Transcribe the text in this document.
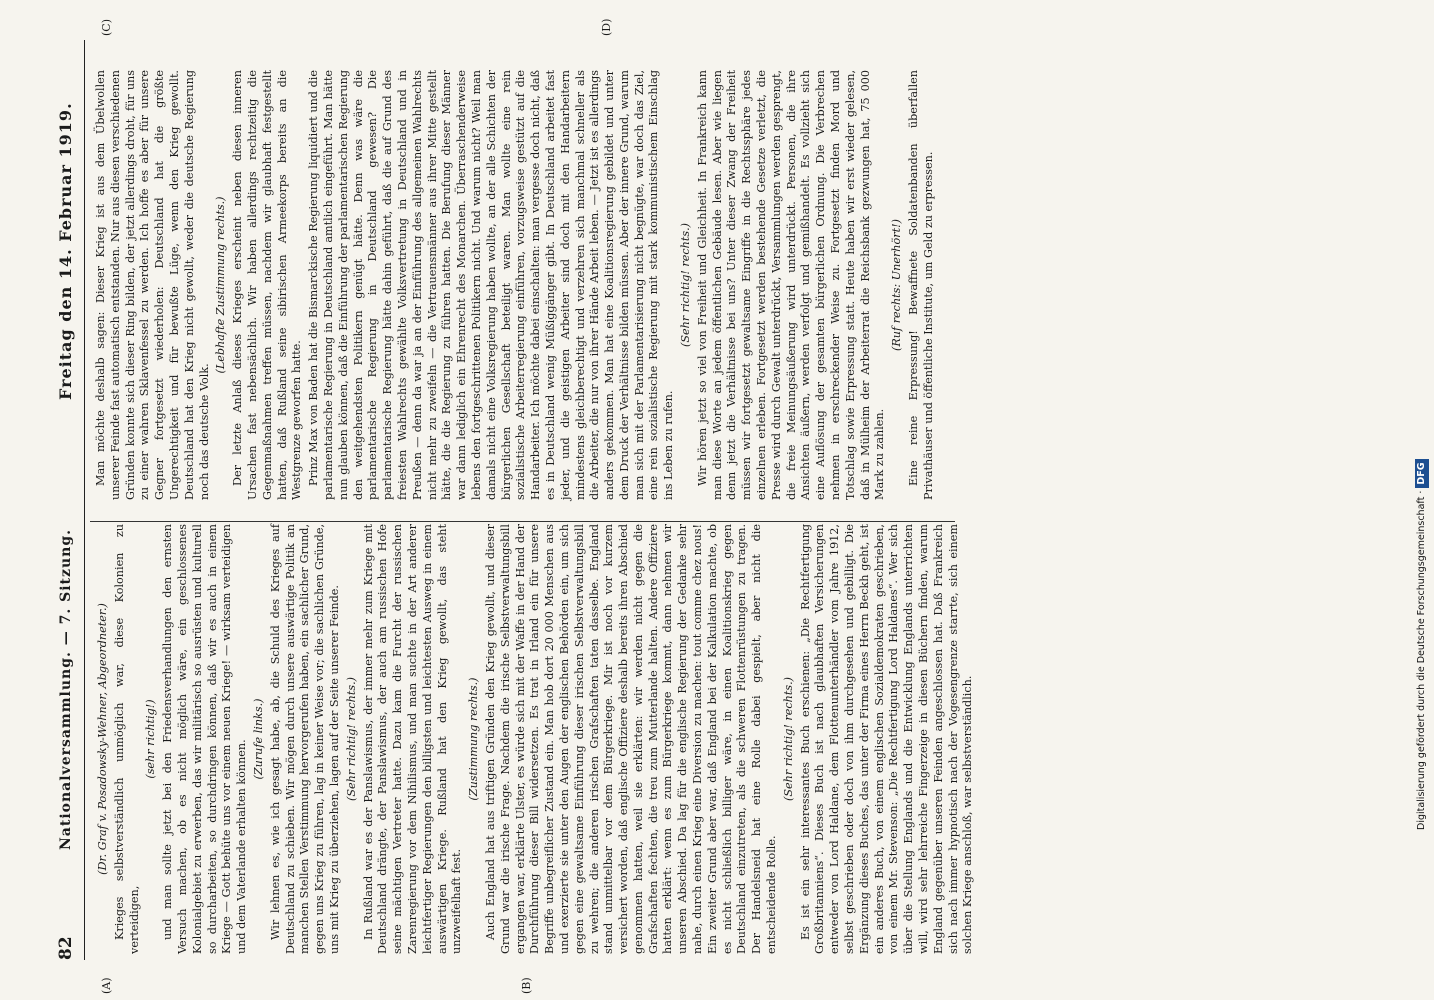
82
Nationalversammlung. — 7. Sitzung.
Freitag den 14. Februar 1919.

(Dr. Graf v. Posadowsky-Wehner, Abgeordneter.) Krieges selbstverständlich unmöglich war, diese Kolonien zu verteidigen,

(sehr richtig!) und man sollte jetzt bei den Friedensverhandlungen den ernsten Versuch machen, ob es nicht möglich wäre, ein geschlossenes Kolonialgebiet zu erwerben, das wir militärisch so ausrüsten und kulturell so durcharbeiten, so durchdringen können, daß wir es auch in einem Kriege — Gott behüte uns vor einem neuen Kriege! — wirksam verteidigen und dem Vaterlande erhalten können.

(Zurufe links.) Wir lehnen es, wie ich gesagt habe, ab, die Schuld des Krieges auf Deutschland zu schieben. Wir mögen durch unsere auswärtige Politik an manchen Stellen Verstimmung hervorgerufen haben, ein sachlicher Grund, gegen uns Krieg zu führen, lag in keiner Weise vor; die sachlichen Gründe, uns mit Krieg zu überziehen, lagen auf der Seite unserer Feinde. (Sehr richtig! rechts.) In Rußland war es der Panslawismus, der immer mehr zum Kriege mit Deutschland drängte, der Panslawismus, der auch am russischen Hofe seine mächtigen Vertreter hatte. Dazu kam die Furcht der russischen Zarenregierung vor dem Nihilismus, und man suchte in der Art anderer leichtfertiger Regierungen den billigsten und leichtesten Ausweg in einem auswärtigen Kriege. Rußland hat den Krieg gewollt, das steht unzweifelhaft fest.

(Zustimmung rechts.) Auch England hat aus triftigen Gründen den Krieg gewollt, und dieser Grund war die irische Frage. Nachdem die irische Selbstverwaltungsbill ergangen war, erklärte Ulster, es würde sich mit der Waffe in der Hand der Durchführung dieser Bill widersetzen. Es trat in Irland ein für unsere Begriffe unbegreiflicher Zustand ein. Man hob dort 20 000 Menschen aus und exerzierte sie unter den Augen der englischen Behörden ein, um sich gegen eine gewaltsame Einführung dieser irischen Selbstverwaltungsbill zu wehren; die anderen irischen Grafschaften taten dasselbe. England stand unmittelbar vor dem Bürgerkriege. Mir ist noch vor kurzem versichert worden, daß englische Offiziere deshalb bereits ihren Abschied genommen hatten, weil sie erklärten: wir werden nicht gegen die Grafschaften fechten, die treu zum Mutterlande halten. Andere Offiziere hatten erklärt: wenn es zum Bürgerkriege kommt, dann nehmen wir unseren Abschied. Da lag für die englische Regierung der Gedanke sehr nahe, durch einen Krieg eine Diversion zu machen: tout comme chez nous! Ein zweiter Grund aber war, daß England bei der Kalkulation machte, ob es nicht schließlich billiger wäre, in einen Koalitionskrieg gegen Deutschland einzutreten, als die schweren Flottenrüstungen zu tragen. Der Handelsneid hat eine Rolle dabei gespielt, aber nicht die entscheidende Rolle.

(Sehr richtig! rechts.) Es ist ein sehr interessantes Buch erschienen: „Die Rechtfertigung Großbritanniens“. Dieses Buch ist nach glaubhaften Versicherungen entweder von Lord Haldane, dem Flottenunterhändler vom Jahre 1912, selbst geschrieben oder doch von ihm durchgesehen und gebilligt. Die Ergänzung dieses Buches, das unter der Firma eines Herrn Beckh geht, ist ein anderes Buch, von einem englischen Sozialdemokraten geschrieben, von einem Mr. Stevenson: „Die Rechtfertigung Lord Haldanes“. Wer sich über die Stellung Englands und die Entwicklung Englands unterrichten will, wird sehr lehrreiche Fingerzeige in diesen Büchern finden, warum England gegenüber unseren Feinden angeschlossen hat. Daß Frankreich sich nach immer hypnotisch nach der Vogesengrenze starrte, sich einem solchen Kriege anschloß, war selbstverständlich.

Man möchte deshalb sagen: Dieser Krieg ist aus dem Übelwollen unserer Feinde fast automatisch entstanden. Nur aus diesen verschiedenen Gründen konnte sich dieser Ring bilden, der jetzt allerdings droht, für uns zu einer wahren Sklavenfessel zu werden. Ich hoffe es aber für unsere Gegner fortgesetzt wiederholen: Deutschland hat die größte Ungerechtigkeit und für bewußte Lüge, wenn den Krieg gewollt. Deutschland hat den Krieg nicht gewollt, weder die deutsche Regierung noch das deutsche Volk.

(Lebhafte Zustimmung rechts.) Der letzte Anlaß dieses Krieges erscheint neben diesen inneren Ursachen fast nebensächlich. Wir haben allerdings rechtzeitig die Gegenmaßnahmen treffen müssen, nachdem wir glaubhaft festgestellt hatten, daß Rußland seine sibirischen Armeekorps bereits an die Westgrenze geworfen hatte. Prinz Max von Baden hat die Bismarckische Regierung liquidiert und die parlamentarische Regierung in Deutschland amtlich eingeführt. Man hätte nun glauben können, daß die Einführung der parlamentarischen Regierung den weitgehendsten Politikern genügt hätte. Denn was wäre die parlamentarische Regierung in Deutschland gewesen? Die parlamentarische Regierung hätte dahin geführt, daß die auf Grund des freiesten Wahlrechts gewählte Volksvertretung in Deutschland und in Preußen — denn da war ja an der Einführung des allgemeinen Wahlrechts nicht mehr zu zweifeln — die Vertrauensmänner aus ihrer Mitte gestellt hätte, die die Regierung zu führen hatten. Die Berufung dieser Männer war dann lediglich ein Ehrenrecht des Monarchen. Überraschenderweise lebens den fortgeschrittenen Politikern nicht. Und warum nicht? Weil man damals nicht eine Volksregierung haben wollte, an der alle Schichten der bürgerlichen Gesellschaft beteiligt waren. Man wollte eine rein sozialistische Arbeiterregierung einführen, vorzugsweise gestützt auf die Handarbeiter. Ich möchte dabei einschalten: man vergesse doch nicht, daß es in Deutschland wenig Müßiggänger gibt. In Deutschland arbeitet fast jeder, und die geistigen Arbeiter sind doch mit den Handarbeitern mindestens gleichberechtigt und verzehren sich manchmal schneller als die Arbeiter, die nur von ihrer Hände Arbeit leben. — Jetzt ist es allerdings anders gekommen. Man hat eine Koalitionsregierung gebildet und unter dem Druck der Verhältnisse bilden müssen. Aber der innere Grund, warum man sich mit der Parlamentarisierung nicht begnügte, war doch das Ziel, eine rein sozialistische Regierung mit stark kommunistischem Einschlag ins Leben zu rufen.

(Sehr richtig! rechts.) Wir hören jetzt so viel von Freiheit und Gleichheit. In Frankreich kann man diese Worte an jedem öffentlichen Gebäude lesen. Aber wie liegen denn jetzt die Verhältnisse bei uns? Unter dieser Zwang der Freiheit müssen wir fortgesetzt gewaltsame Eingriffe in die Rechtssphäre jedes einzelnen erleben. Fortgesetzt werden bestehende Gesetze verletzt, die Presse wird durch Gewalt unterdrückt, Versammlungen werden gesprengt, die freie Meinungsäußerung wird unterdrückt. Personen, die ihre Ansichten äußern, werden verfolgt und gemißhandelt. Es vollzieht sich eine Auflösung der gesamten bürgerlichen Ordnung. Die Verbrechen nehmen in erschreckender Weise zu. Fortgesetzt finden Mord und Totschlag sowie Erpressung statt. Heute haben wir erst wieder gelesen, daß in Mülheim der Arbeiterrat die Reichsbank gezwungen hat, 75 000 Mark zu zahlen.

(Ruf rechts: Unerhört!) Eine reine Erpressung! Bewaffnete Soldatenbanden überfallen Privathäuser und öffentliche Institute, um Geld zu erpressen.

(A)	(B)
(C)	(D)
Digitalisierung gefördert durch die Deutsche Forschungsgemeinschaft ·DFG
